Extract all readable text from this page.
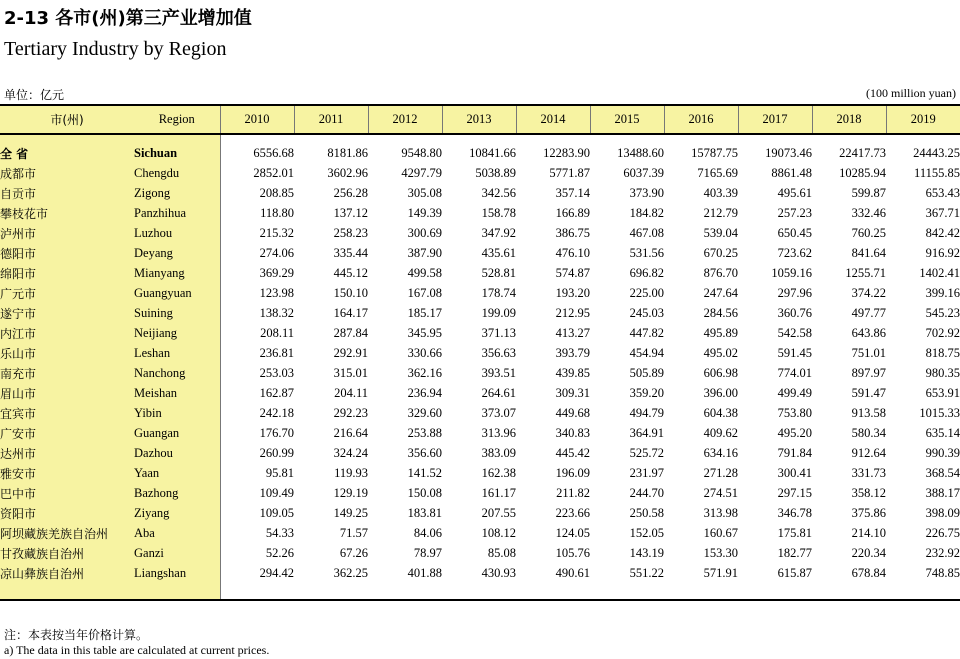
2-13 各市(州)第三产业增加值
Tertiary Industry by Region
单位：亿元	(100 million yuan)
市(州)	Region	2010	2011	2012	2013	2014	2015	2016	2017	2018	2019

全 省	Sichuan	6556.68	8181.86	9548.80	10841.66	12283.90	13488.60	15787.75	19073.46	22417.73	24443.25
成都市	Chengdu	2852.01	3602.96	4297.79	5038.89	5771.87	6037.39	7165.69	8861.48	10285.94	11155.85
自贡市	Zigong	208.85	256.28	305.08	342.56	357.14	373.90	403.39	495.61	599.87	653.43
攀枝花市	Panzhihua	118.80	137.12	149.39	158.78	166.89	184.82	212.79	257.23	332.46	367.71
泸州市	Luzhou	215.32	258.23	300.69	347.92	386.75	467.08	539.04	650.45	760.25	842.42
德阳市	Deyang	274.06	335.44	387.90	435.61	476.10	531.56	670.25	723.62	841.64	916.92
绵阳市	Mianyang	369.29	445.12	499.58	528.81	574.87	696.82	876.70	1059.16	1255.71	1402.41
广元市	Guangyuan	123.98	150.10	167.08	178.74	193.20	225.00	247.64	297.96	374.22	399.16
遂宁市	Suining	138.32	164.17	185.17	199.09	212.95	245.03	284.56	360.76	497.77	545.23
内江市	Neijiang	208.11	287.84	345.95	371.13	413.27	447.82	495.89	542.58	643.86	702.92
乐山市	Leshan	236.81	292.91	330.66	356.63	393.79	454.94	495.02	591.45	751.01	818.75
南充市	Nanchong	253.03	315.01	362.16	393.51	439.85	505.89	606.98	774.01	897.97	980.35
眉山市	Meishan	162.87	204.11	236.94	264.61	309.31	359.20	396.00	499.49	591.47	653.91
宜宾市	Yibin	242.18	292.23	329.60	373.07	449.68	494.79	604.38	753.80	913.58	1015.33
广安市	Guangan	176.70	216.64	253.88	313.96	340.83	364.91	409.62	495.20	580.34	635.14
达州市	Dazhou	260.99	324.24	356.60	383.09	445.42	525.72	634.16	791.84	912.64	990.39
雅安市	Yaan	95.81	119.93	141.52	162.38	196.09	231.97	271.28	300.41	331.73	368.54
巴中市	Bazhong	109.49	129.19	150.08	161.17	211.82	244.70	274.51	297.15	358.12	388.17
资阳市	Ziyang	109.05	149.25	183.81	207.55	223.66	250.58	313.98	346.78	375.86	398.09
阿坝藏族羌族自治州	Aba	54.33	71.57	84.06	108.12	124.05	152.05	160.67	175.81	214.10	226.75
甘孜藏族自治州	Ganzi	52.26	67.26	78.97	85.08	105.76	143.19	153.30	182.77	220.34	232.92
凉山彝族自治州	Liangshan	294.42	362.25	401.88	430.93	490.61	551.22	571.91	615.87	678.84	748.85

注：本表按当年价格计算。
a) The data in this table are calculated at current prices.
